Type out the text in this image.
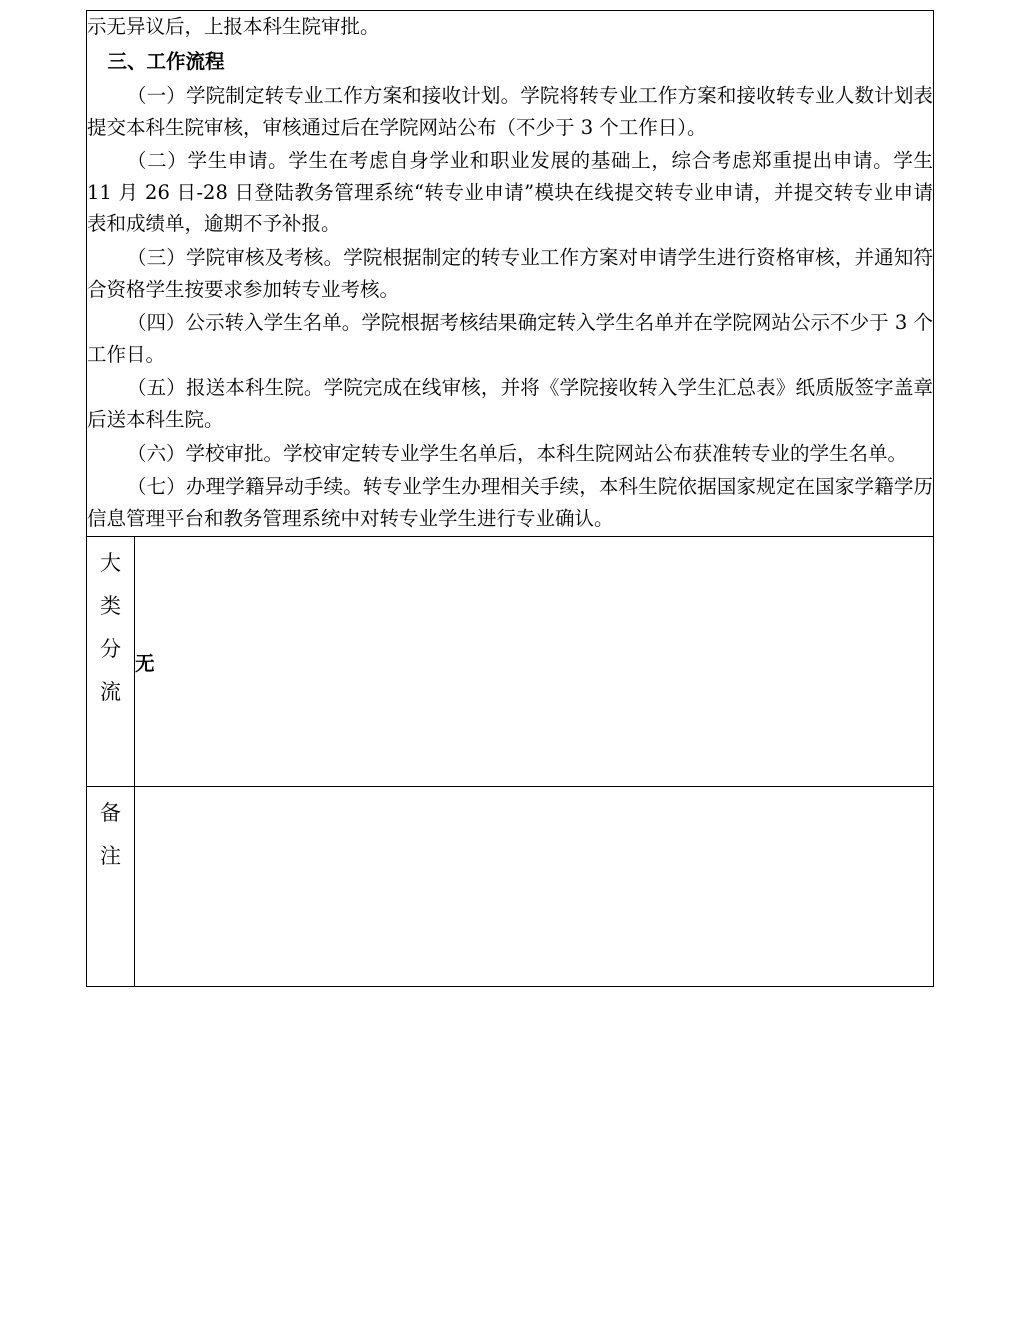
示无异议后，上报本科生院审批。

三、工作流程

（一）学院制定转专业工作方案和接收计划。学院将转专业工作方案和接收转专业人数计划表提交本科生院审核，审核通过后在学院网站公布（不少于 3 个工作日）。

（二）学生申请。学生在考虑自身学业和职业发展的基础上，综合考虑郑重提出申请。学生 11 月 26 日-28 日登陆教务管理系统“转专业申请”模块在线提交转专业申请，并提交转专业申请表和成绩单，逾期不予补报。

（三）学院审核及考核。学院根据制定的转专业工作方案对申请学生进行资格审核，并通知符合资格学生按要求参加转专业考核。

（四）公示转入学生名单。学院根据考核结果确定转入学生名单并在学院网站公示不少于 3 个工作日。

（五）报送本科生院。学院完成在线审核，并将《学院接收转入学生汇总表》纸质版签字盖章后送本科生院。

（六）学校审批。学校审定转专业学生名单后，本科生院网站公布获准转专业的学生名单。

（七）办理学籍异动手续。转专业学生办理相关手续，本科生院依据国家规定在国家学籍学历信息管理平台和教务管理系统中对转专业学生进行专业确认。

大
类
分
流	无

备
注	
